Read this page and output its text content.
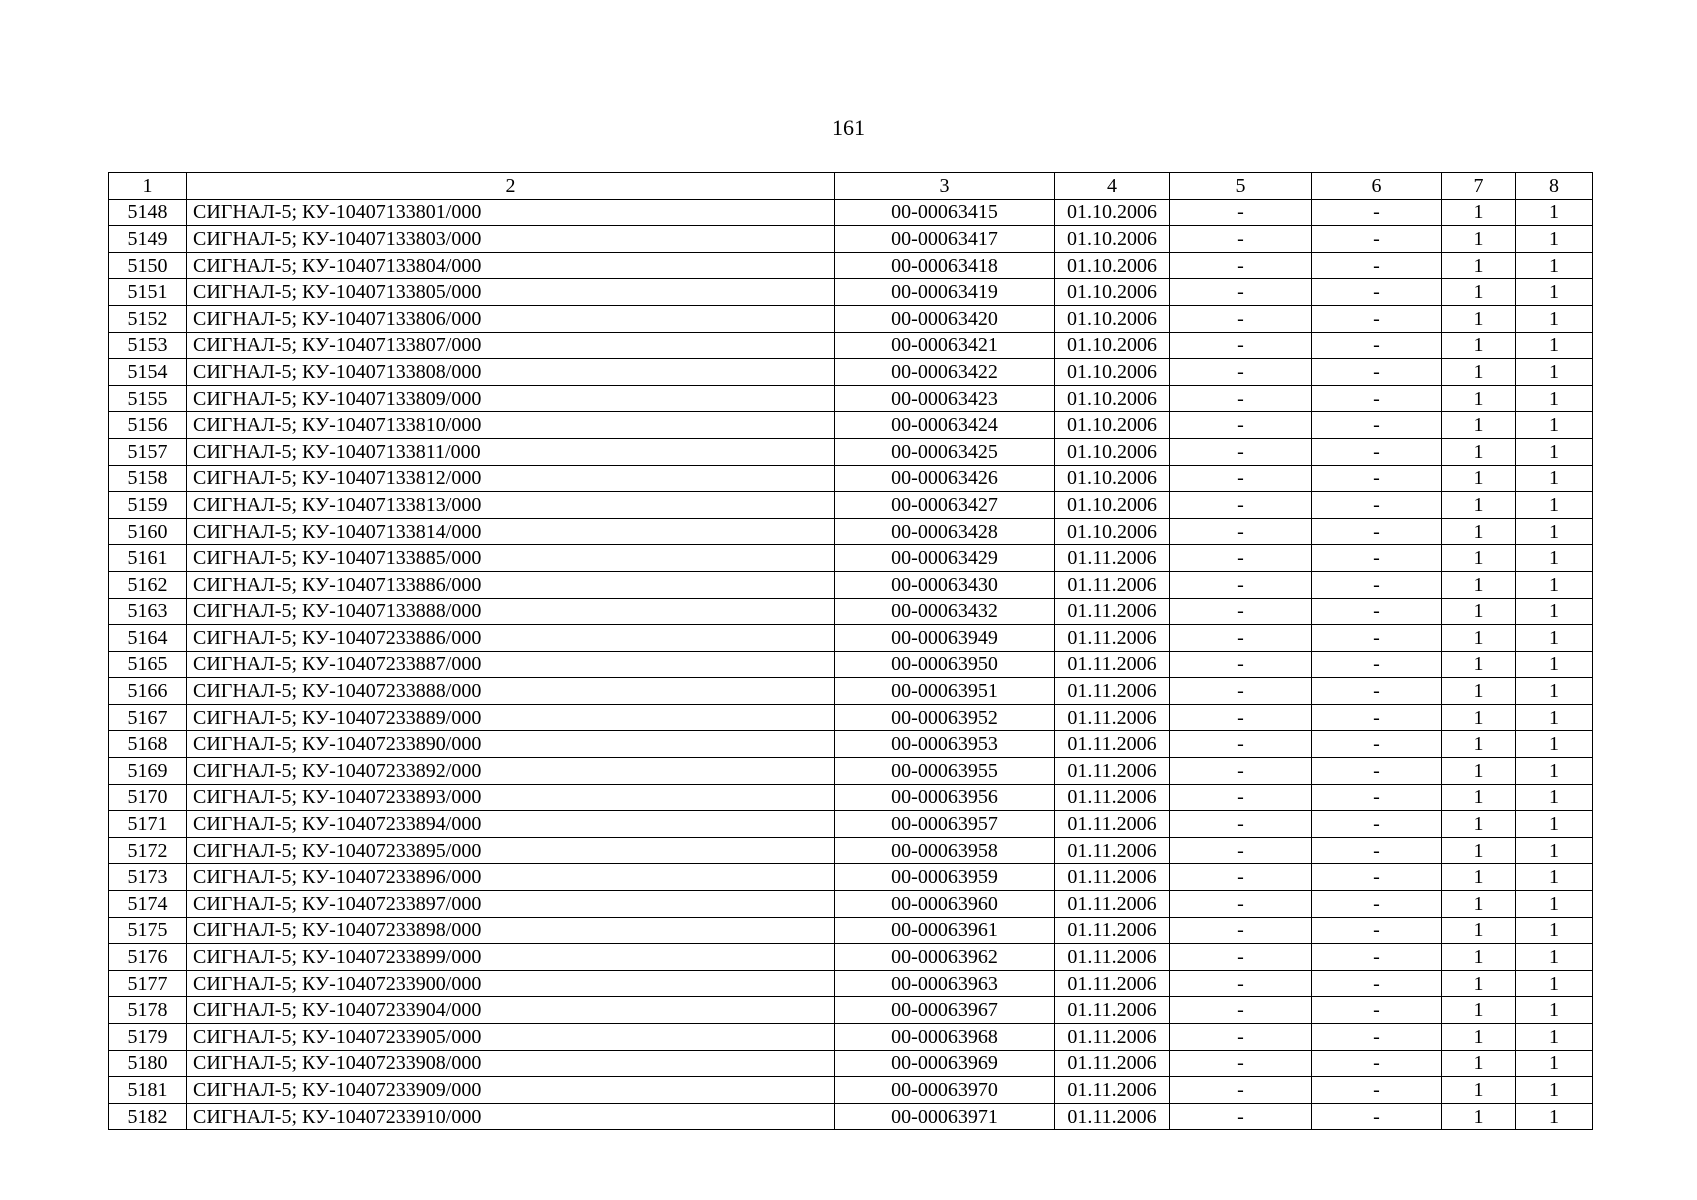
161
1	2	3	4	5	6	7	8
5148	СИГНАЛ-5; КУ-10407133801/000	00-00063415	01.10.2006	-	-	1	1
5149	СИГНАЛ-5; КУ-10407133803/000	00-00063417	01.10.2006	-	-	1	1
5150	СИГНАЛ-5; КУ-10407133804/000	00-00063418	01.10.2006	-	-	1	1
5151	СИГНАЛ-5; КУ-10407133805/000	00-00063419	01.10.2006	-	-	1	1
5152	СИГНАЛ-5; КУ-10407133806/000	00-00063420	01.10.2006	-	-	1	1
5153	СИГНАЛ-5; КУ-10407133807/000	00-00063421	01.10.2006	-	-	1	1
5154	СИГНАЛ-5; КУ-10407133808/000	00-00063422	01.10.2006	-	-	1	1
5155	СИГНАЛ-5; КУ-10407133809/000	00-00063423	01.10.2006	-	-	1	1
5156	СИГНАЛ-5; КУ-10407133810/000	00-00063424	01.10.2006	-	-	1	1
5157	СИГНАЛ-5; КУ-10407133811/000	00-00063425	01.10.2006	-	-	1	1
5158	СИГНАЛ-5; КУ-10407133812/000	00-00063426	01.10.2006	-	-	1	1
5159	СИГНАЛ-5; КУ-10407133813/000	00-00063427	01.10.2006	-	-	1	1
5160	СИГНАЛ-5; КУ-10407133814/000	00-00063428	01.10.2006	-	-	1	1
5161	СИГНАЛ-5; КУ-10407133885/000	00-00063429	01.11.2006	-	-	1	1
5162	СИГНАЛ-5; КУ-10407133886/000	00-00063430	01.11.2006	-	-	1	1
5163	СИГНАЛ-5; КУ-10407133888/000	00-00063432	01.11.2006	-	-	1	1
5164	СИГНАЛ-5; КУ-10407233886/000	00-00063949	01.11.2006	-	-	1	1
5165	СИГНАЛ-5; КУ-10407233887/000	00-00063950	01.11.2006	-	-	1	1
5166	СИГНАЛ-5; КУ-10407233888/000	00-00063951	01.11.2006	-	-	1	1
5167	СИГНАЛ-5; КУ-10407233889/000	00-00063952	01.11.2006	-	-	1	1
5168	СИГНАЛ-5; КУ-10407233890/000	00-00063953	01.11.2006	-	-	1	1
5169	СИГНАЛ-5; КУ-10407233892/000	00-00063955	01.11.2006	-	-	1	1
5170	СИГНАЛ-5; КУ-10407233893/000	00-00063956	01.11.2006	-	-	1	1
5171	СИГНАЛ-5; КУ-10407233894/000	00-00063957	01.11.2006	-	-	1	1
5172	СИГНАЛ-5; КУ-10407233895/000	00-00063958	01.11.2006	-	-	1	1
5173	СИГНАЛ-5; КУ-10407233896/000	00-00063959	01.11.2006	-	-	1	1
5174	СИГНАЛ-5; КУ-10407233897/000	00-00063960	01.11.2006	-	-	1	1
5175	СИГНАЛ-5; КУ-10407233898/000	00-00063961	01.11.2006	-	-	1	1
5176	СИГНАЛ-5; КУ-10407233899/000	00-00063962	01.11.2006	-	-	1	1
5177	СИГНАЛ-5; КУ-10407233900/000	00-00063963	01.11.2006	-	-	1	1
5178	СИГНАЛ-5; КУ-10407233904/000	00-00063967	01.11.2006	-	-	1	1
5179	СИГНАЛ-5; КУ-10407233905/000	00-00063968	01.11.2006	-	-	1	1
5180	СИГНАЛ-5; КУ-10407233908/000	00-00063969	01.11.2006	-	-	1	1
5181	СИГНАЛ-5; КУ-10407233909/000	00-00063970	01.11.2006	-	-	1	1
5182	СИГНАЛ-5; КУ-10407233910/000	00-00063971	01.11.2006	-	-	1	1
